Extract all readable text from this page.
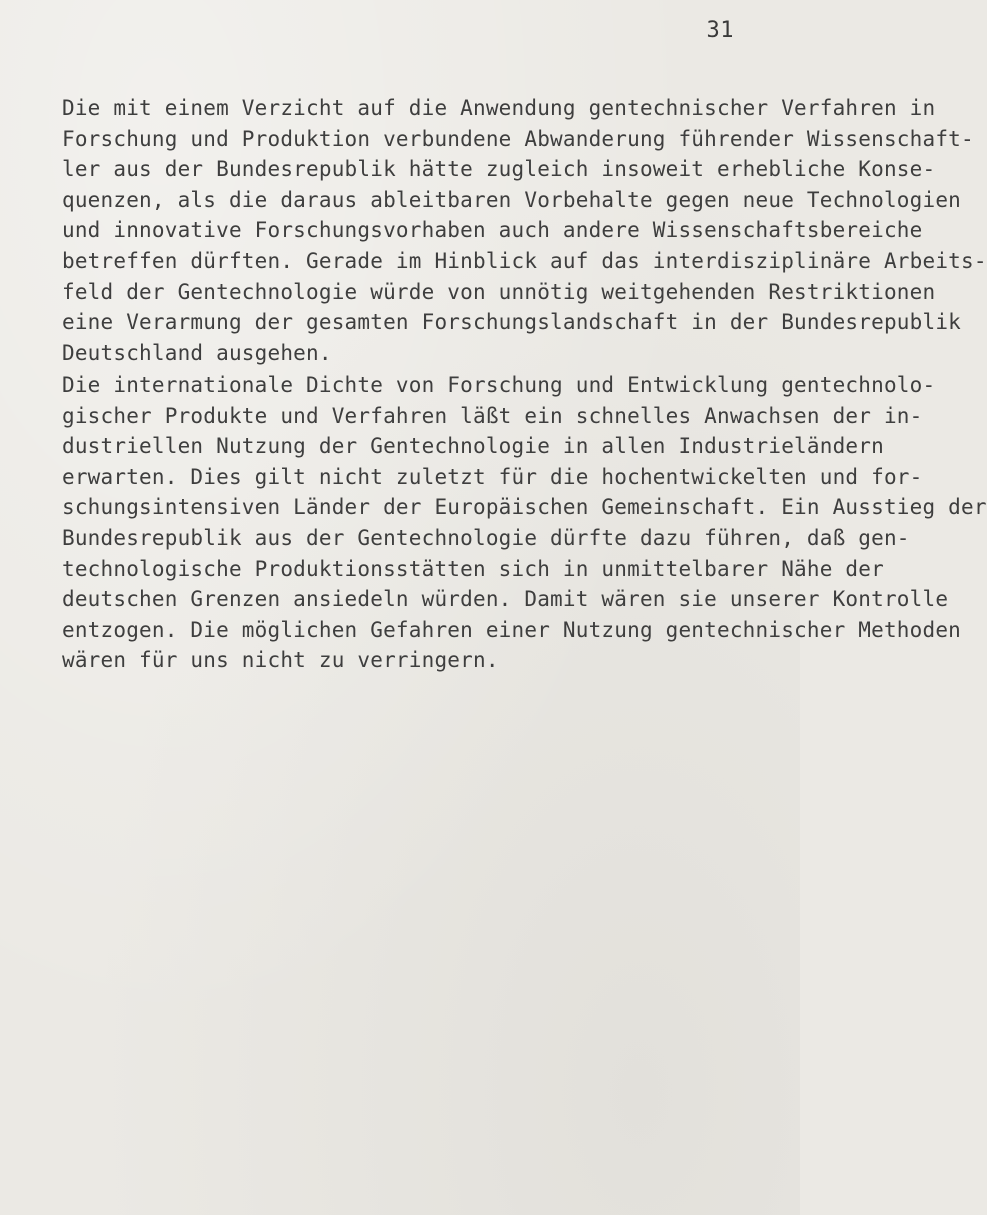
31
Die mit einem Verzicht auf die Anwendung gentechnischer Verfahren in
Forschung und Produktion verbundene Abwanderung führender Wissenschaft-
ler aus der Bundesrepublik hätte zugleich insoweit erhebliche Konse-
quenzen, als die daraus ableitbaren Vorbehalte gegen neue Technologien
und innovative Forschungsvorhaben auch andere Wissenschaftsbereiche
betreffen dürften. Gerade im Hinblick auf das interdisziplinäre Arbeits-
feld der Gentechnologie würde von unnötig weitgehenden Restriktionen
eine Verarmung der gesamten Forschungslandschaft in der Bundesrepublik
Deutschland ausgehen.
Die internationale Dichte von Forschung und Entwicklung gentechnolo-
gischer Produkte und Verfahren läßt ein schnelles Anwachsen der in-
dustriellen Nutzung der Gentechnologie in allen Industrieländern
erwarten. Dies gilt nicht zuletzt für die hochentwickelten und for-
schungsintensiven Länder der Europäischen Gemeinschaft. Ein Ausstieg der
Bundesrepublik aus der Gentechnologie dürfte dazu führen, daß gen-
technologische Produktionsstätten sich in unmittelbarer Nähe der
deutschen Grenzen ansiedeln würden. Damit wären sie unserer Kontrolle
entzogen. Die möglichen Gefahren einer Nutzung gentechnischer Methoden
wären für uns nicht zu verringern.
